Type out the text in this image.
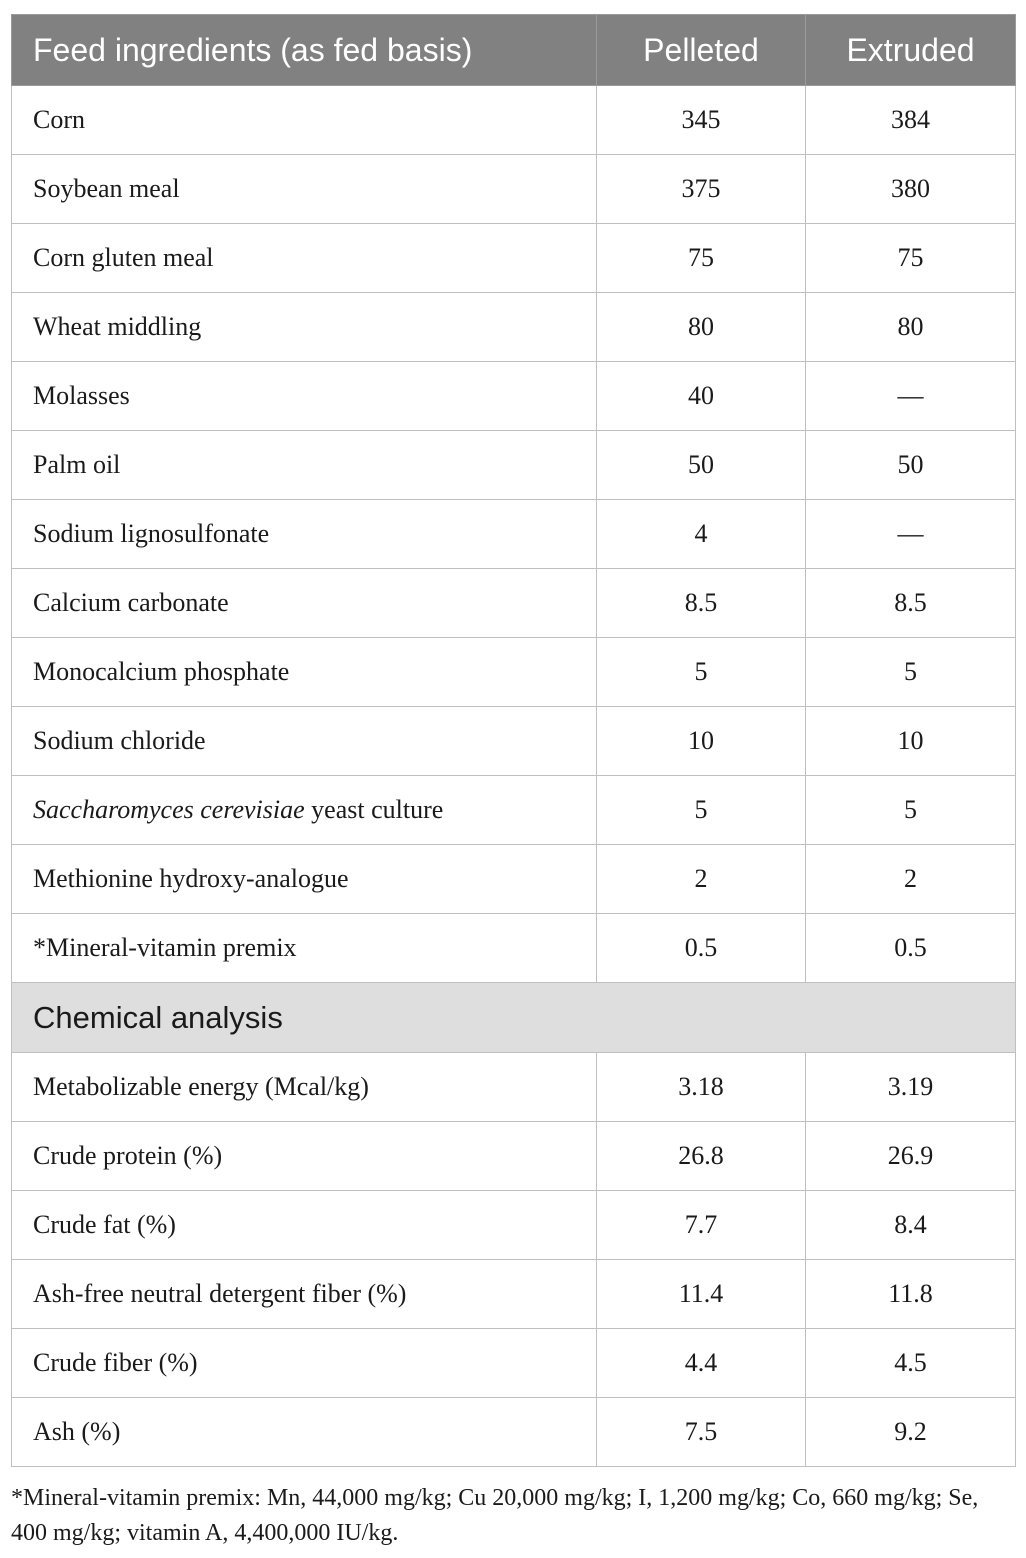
Feed ingredients (as fed basis)	Pelleted	Extruded
Corn	345	384
Soybean meal	375	380
Corn gluten meal	75	75
Wheat middling	80	80
Molasses	40	—
Palm oil	50	50
Sodium lignosulfonate	4	—
Calcium carbonate	8.5	8.5
Monocalcium phosphate	5	5
Sodium chloride	10	10
Saccharomyces cerevisiae yeast culture	5	5
Methionine hydroxy-analogue	2	2
*Mineral-vitamin premix	0.5	0.5
Chemical analysis		
Metabolizable energy (Mcal/kg)	3.18	3.19
Crude protein (%)	26.8	26.9
Crude fat (%)	7.7	8.4
Ash-free neutral detergent fiber (%)	11.4	11.8
Crude fiber (%)	4.4	4.5
Ash (%)	7.5	9.2
*Mineral-vitamin premix: Mn, 44,000 mg/kg; Cu 20,000 mg/kg; I, 1,200 mg/kg; Co, 660 mg/kg; Se, 400 mg/kg; vitamin A, 4,400,000 IU/kg.
